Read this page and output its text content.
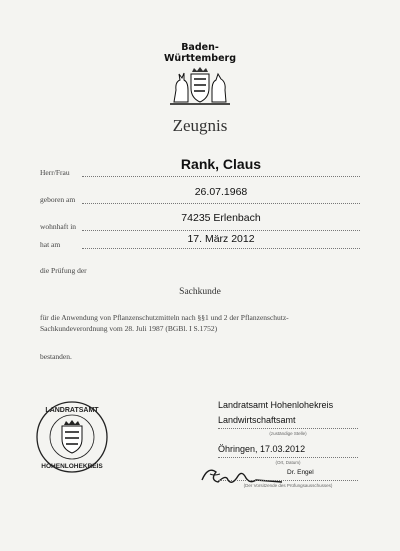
Baden-
Württemberg
Zeugnis
Herr/Frau
Rank, Claus
geboren am
26.07.1968
wohnhaft in
74235 Erlenbach
hat am	17. März 2012
die Prüfung der
Sachkunde
für die Anwendung von Pflanzenschutzmitteln nach §§1 und 2 der Pflanzenschutz-
Sachkundeverordnung vom 28. Juli 1987 (BGBl. I S.1752)
bestanden.
LANDRATSAMT
HOHENLOHEKREIS
Landratsamt Hohenlohekreis
Landwirtschaftsamt
(zuständige Stelle)
Öhringen, 17.03.2012
(Ort, Datum)
Dr. Engel
(Der Vorsitzende des Prüfungsausschusses)
